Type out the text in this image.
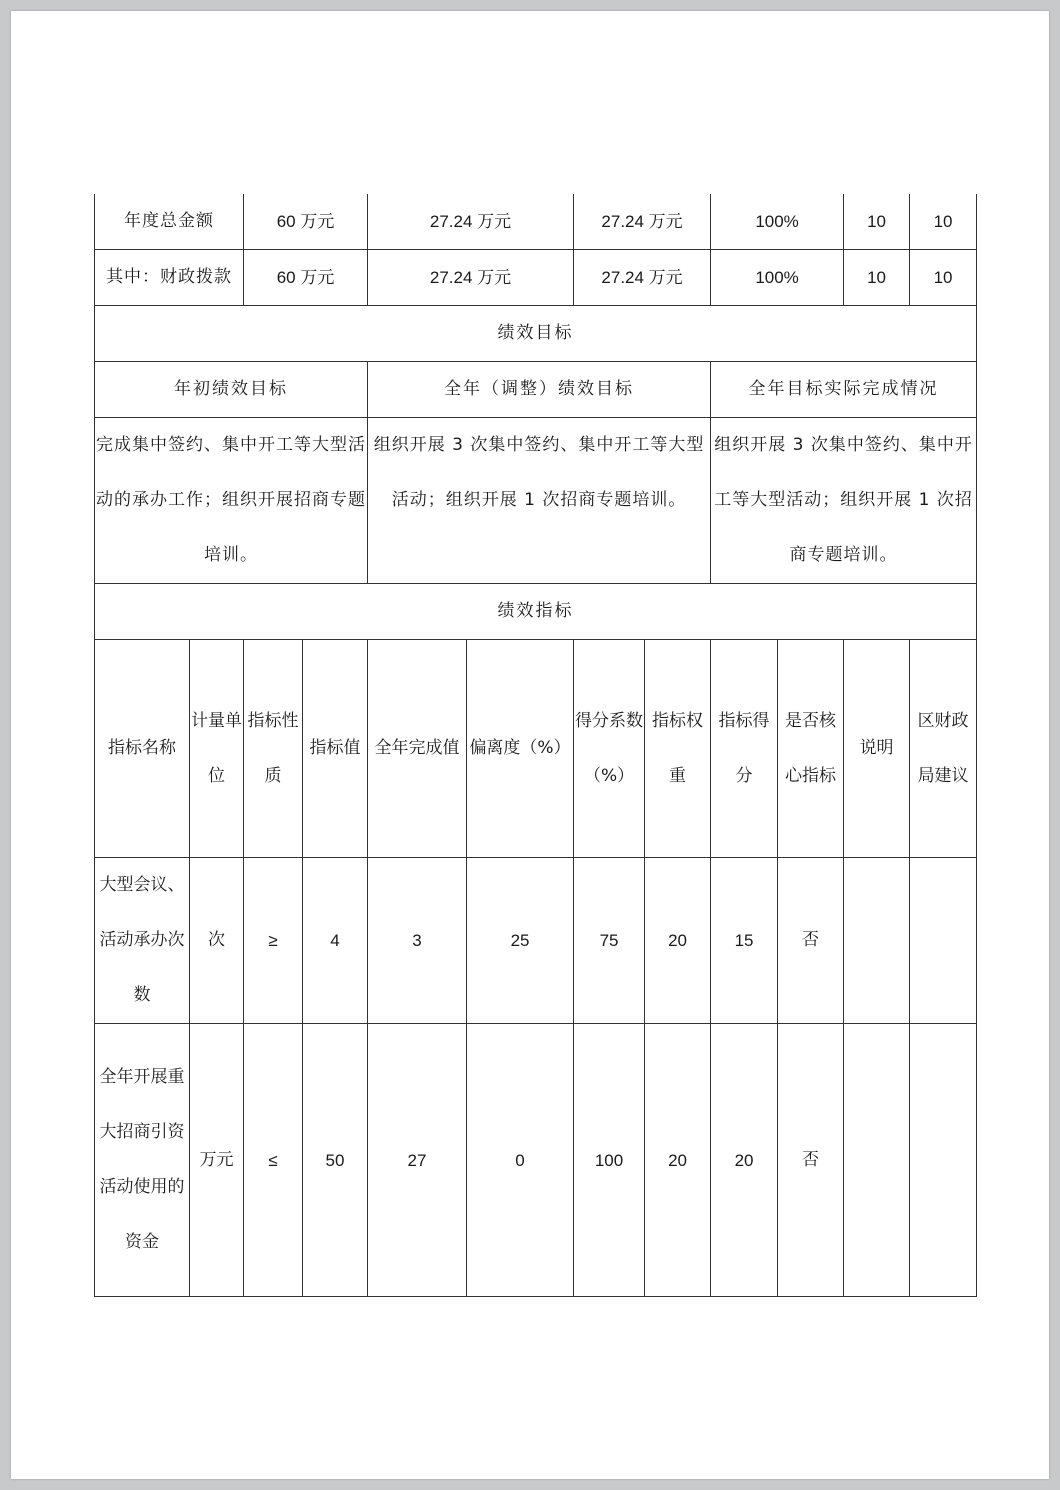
年度总金额		60 万元		27.24 万元		27.24 万元		100%		10	10
其中：财政拨款		60 万元		27.24 万元		27.24 万元		100%		10	10
绩效目标											
年初绩效目标				全年（调整）绩效目标				全年目标实际完成情况			
完成集中签约、集中开工等大型活动的承办工作；组织开展招商专题培训。				组织开展 3 次集中签约、集中开工等大型活动；组织开展 1 次招商专题培训。				组织开展 3 次集中签约、集中开工等大型活动；组织开展 1 次招商专题培训。			
绩效指标											
指标名称	计量单位	指标性质	指标值	全年完成值	偏离度（%）	得分系数（%）	指标权重	指标得分	是否核心指标	说明	区财政局建议
大型会议、活动承办次数	次	≥	4	3	25	75	20	15	否		
全年开展重大招商引资活动使用的资金	万元	≤	50	27	0	100	20	20	否		
